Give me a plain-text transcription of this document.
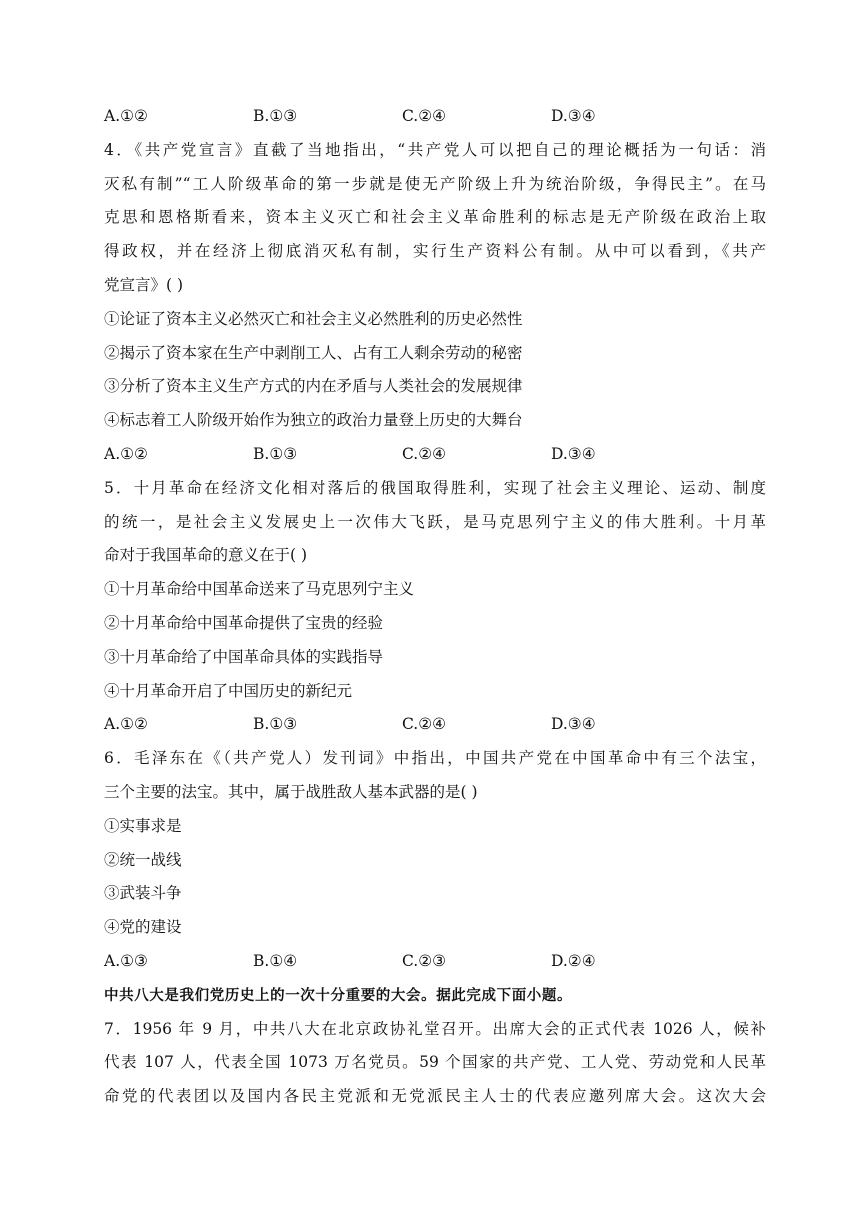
A.①②	B.①③	C.②④	D.③④
4．《共产党宣言》直截了当地指出，“共产党人可以把自己的理论概括为一句话：消
灭私有制”“工人阶级革命的第一步就是使无产阶级上升为统治阶级，争得民主”。在马
克思和恩格斯看来，资本主义灭亡和社会主义革命胜利的标志是无产阶级在政治上取
得政权，并在经济上彻底消灭私有制，实行生产资料公有制。从中可以看到，《共产
党宣言》( )
①论证了资本主义必然灭亡和社会主义必然胜利的历史必然性
②揭示了资本家在生产中剥削工人、占有工人剩余劳动的秘密
③分析了资本主义生产方式的内在矛盾与人类社会的发展规律
④标志着工人阶级开始作为独立的政治力量登上历史的大舞台
A.①②	B.①③	C.②④	D.③④
5．十月革命在经济文化相对落后的俄国取得胜利，实现了社会主义理论、运动、制度
的统一，是社会主义发展史上一次伟大飞跃，是马克思列宁主义的伟大胜利。十月革
命对于我国革命的意义在于( )
①十月革命给中国革命送来了马克思列宁主义
②十月革命给中国革命提供了宝贵的经验
③十月革命给了中国革命具体的实践指导
④十月革命开启了中国历史的新纪元
A.①②	B.①③	C.②④	D.③④
6．毛泽东在《（共产党人）发刊词》中指出，中国共产党在中国革命中有三个法宝，
三个主要的法宝。其中，属于战胜敌人基本武器的是( )
①实事求是
②统一战线
③武装斗争
④党的建设
A.①③	B.①④	C.②③	D.②④
中共八大是我们党历史上的一次十分重要的大会。据此完成下面小题。
7．1956 年 9 月，中共八大在北京政协礼堂召开。出席大会的正式代表 1026 人，候补
代表 107 人，代表全国 1073 万名党员。59 个国家的共产党、工人党、劳动党和人民革
命党的代表团以及国内各民主党派和无党派民主人士的代表应邀列席大会。这次大会
